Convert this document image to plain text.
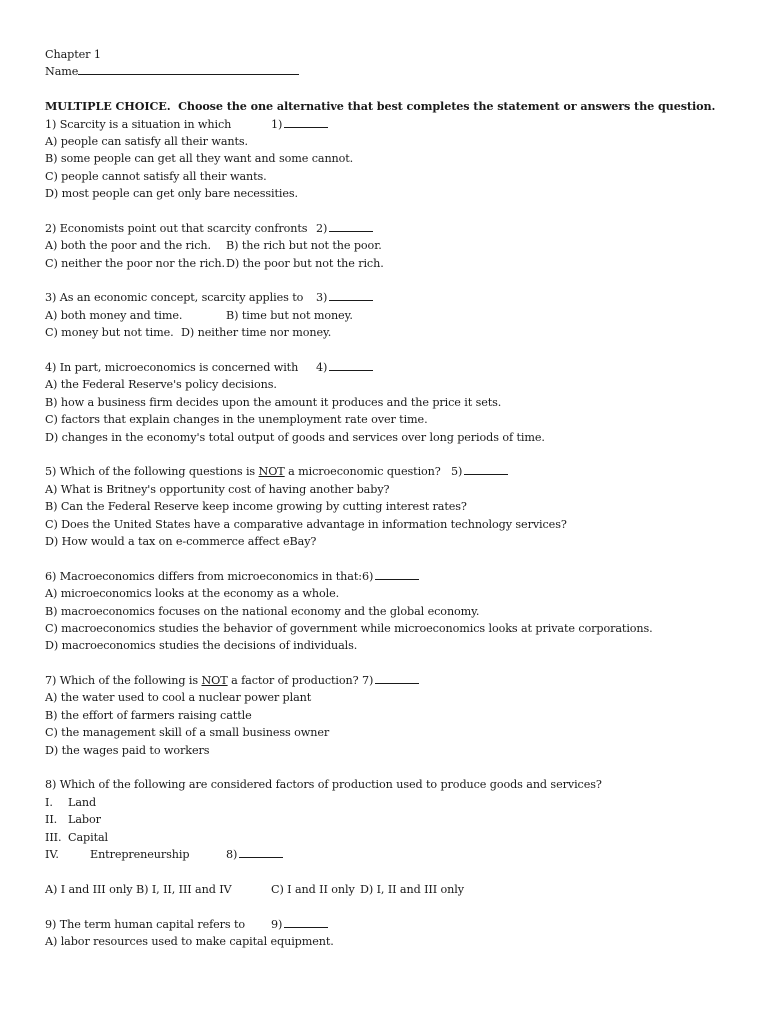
Chapter 1
Name
MULTIPLE CHOICE.  Choose the one alternative that best completes the statement or answers the question.
1) Scarcity is a situation in which	1)
A) people can satisfy all their wants.
B) some people can get all they want and some cannot.
C) people cannot satisfy all their wants.
D) most people can get only bare necessities.
2) Economists point out that scarcity confronts 2)
A) both the poor and the rich.	B) the rich but not the poor.
C) neither the poor nor the rich. D) the poor but not the rich.
3) As an economic concept, scarcity applies to	3)
A) both money and time.	B) time but not money.
C) money but not time. D) neither time nor money.
4) In part, microeconomics is concerned with	4)
A) the Federal Reserve's policy decisions.
B) how a business firm decides upon the amount it produces and the price it sets.
C) factors that explain changes in the unemployment rate over time.
D) changes in the economy's total output of goods and services over long periods of time.
5) Which of the following questions is NOT a microeconomic question? 5)
A) What is Britney's opportunity cost of having another baby?
B) Can the Federal Reserve keep income growing by cutting interest rates?
C) Does the United States have a comparative advantage in information technology services?
D) How would a tax on e-commerce affect eBay?
6) Macroeconomics differs from microeconomics in that: 6)
A) microeconomics looks at the economy as a whole.
B) macroeconomics focuses on the national economy and the global economy.
C) macroeconomics studies the behavior of government while microeconomics looks at private corporations.
D) macroeconomics studies the decisions of individuals.
7) Which of the following is NOT a factor of production? 7)
A) the water used to cool a nuclear power plant
B) the effort of farmers raising cattle
C) the management skill of a small business owner
D) the wages paid to workers
8) Which of the following are considered factors of production used to produce goods and services?
I.	Land
II. Labor
III. Capital
IV.	Entrepreneurship	8)
A) I and III only B) I, II, III and IV	C) I and II only D) I, II and III only
9) The term human capital refers to	9)
A) labor resources used to make capital equipment.
